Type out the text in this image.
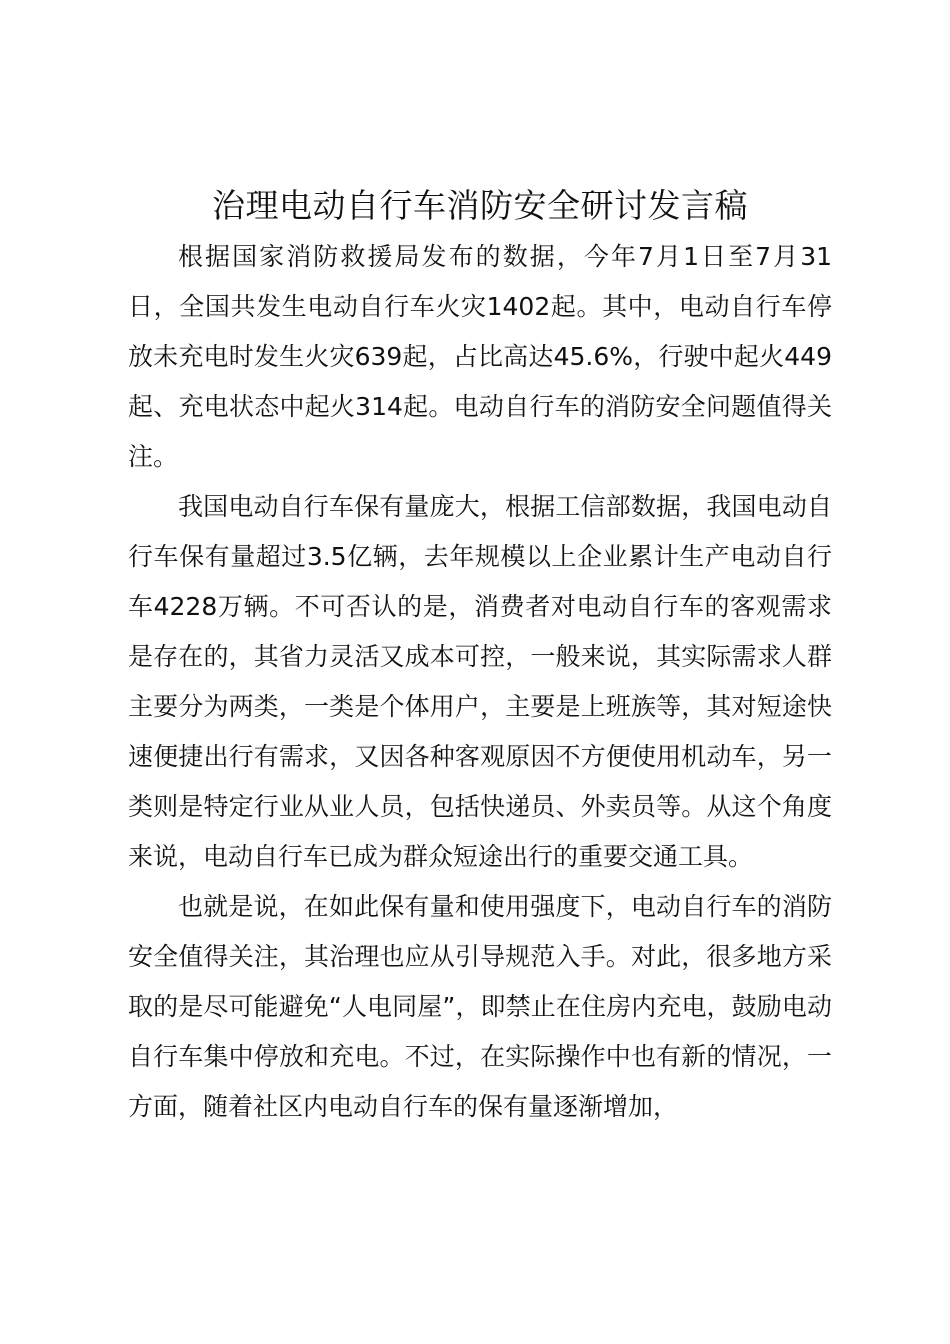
治理电动自行车消防安全研讨发言稿

根据国家消防救援局发布的数据，今年7月1日至7月31日，全国共发生电动自行车火灾1402起。其中，电动自行车停放未充电时发生火灾639起，占比高达45.6%，行驶中起火449起、充电状态中起火314起。电动自行车的消防安全问题值得关注。

我国电动自行车保有量庞大，根据工信部数据，我国电动自行车保有量超过3.5亿辆，去年规模以上企业累计生产电动自行车4228万辆。不可否认的是，消费者对电动自行车的客观需求是存在的，其省力灵活又成本可控，一般来说，其实际需求人群主要分为两类，一类是个体用户，主要是上班族等，其对短途快速便捷出行有需求，又因各种客观原因不方便使用机动车，另一类则是特定行业从业人员，包括快递员、外卖员等。从这个角度来说，电动自行车已成为群众短途出行的重要交通工具。

也就是说，在如此保有量和使用强度下，电动自行车的消防安全值得关注，其治理也应从引导规范入手。对此，很多地方采取的是尽可能避免“人电同屋”，即禁止在住房内充电，鼓励电动自行车集中停放和充电。不过，在实际操作中也有新的情况，一方面，随着社区内电动自行车的保有量逐渐增加，
